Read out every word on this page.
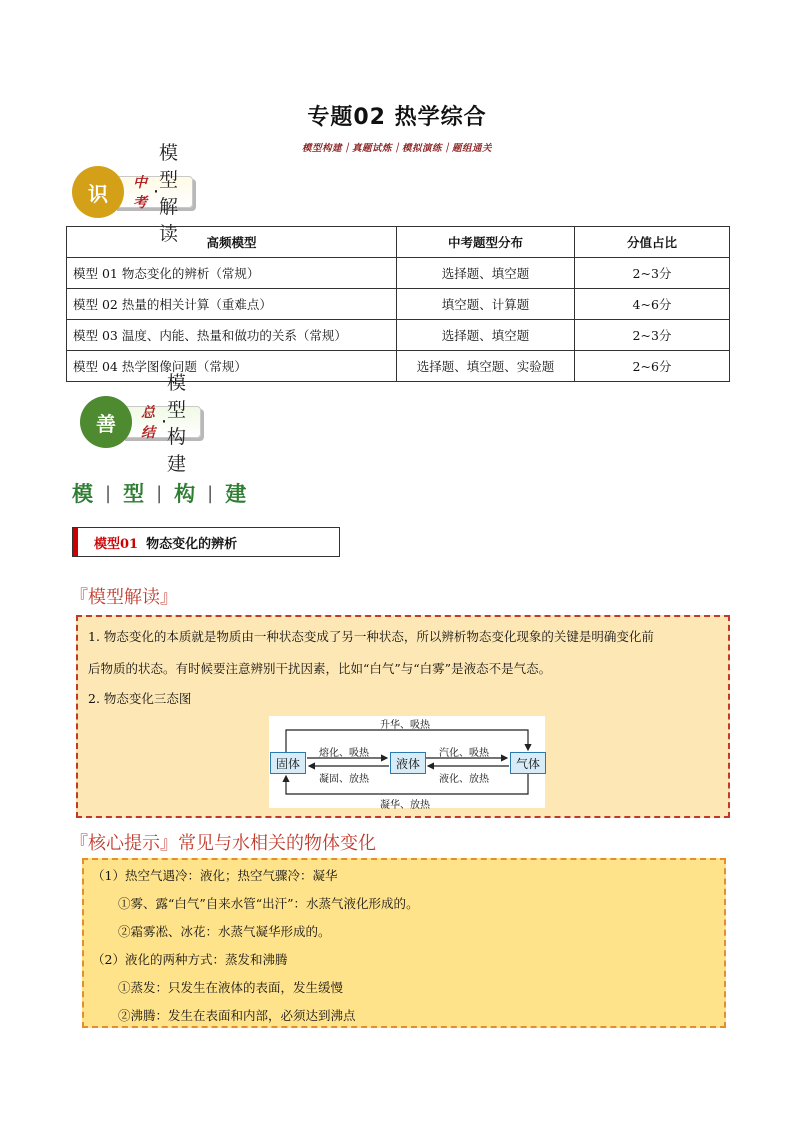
专题02 热学综合
模型构建｜真题试炼｜模拟演练｜题组通关
识	中考 ·
模型解读 高频模型	中考题型分布	分值占比
模型 01 物态变化的辨析（常规）	选择题、填空题	2~3分
模型 02 热量的相关计算（重难点）	填空题、计算题	4~6分
模型 03 温度、内能、热量和做功的关系（常规）	选择题、填空题	2~3分
模型 04 热学图像问题（常规）	选择题、填空题、实验题	2~6分
善	总结 ·
模型构建
模 | 型 | 构 | 建
模型01 物态变化的辨析
『模型解读』

1. 物态变化的本质就是物质由一种状态变成了另一种状态，所以辨析物态变化现象的关键是明确变化前

后物质的状态。有时候要注意辨别干扰因素，比如“白气”与“白雾”是液态不是气态。

2. 物态变化三态图

固体	液体	气体
升华、吸热
熔化、吸热
凝固、放热
汽化、吸热
液化、放热
凝华、放热
『核心提示』常见与水相关的物体变化

（1）热空气遇冷：液化；热空气骤冷：凝华

①雾、露“白气”自来水管“出汗”：水蒸气液化形成的。

②霜雾凇、冰花：水蒸气凝华形成的。

（2）液化的两种方式：蒸发和沸腾

①蒸发：只发生在液体的表面，发生缓慢

②沸腾：发生在表面和内部，必须达到沸点
